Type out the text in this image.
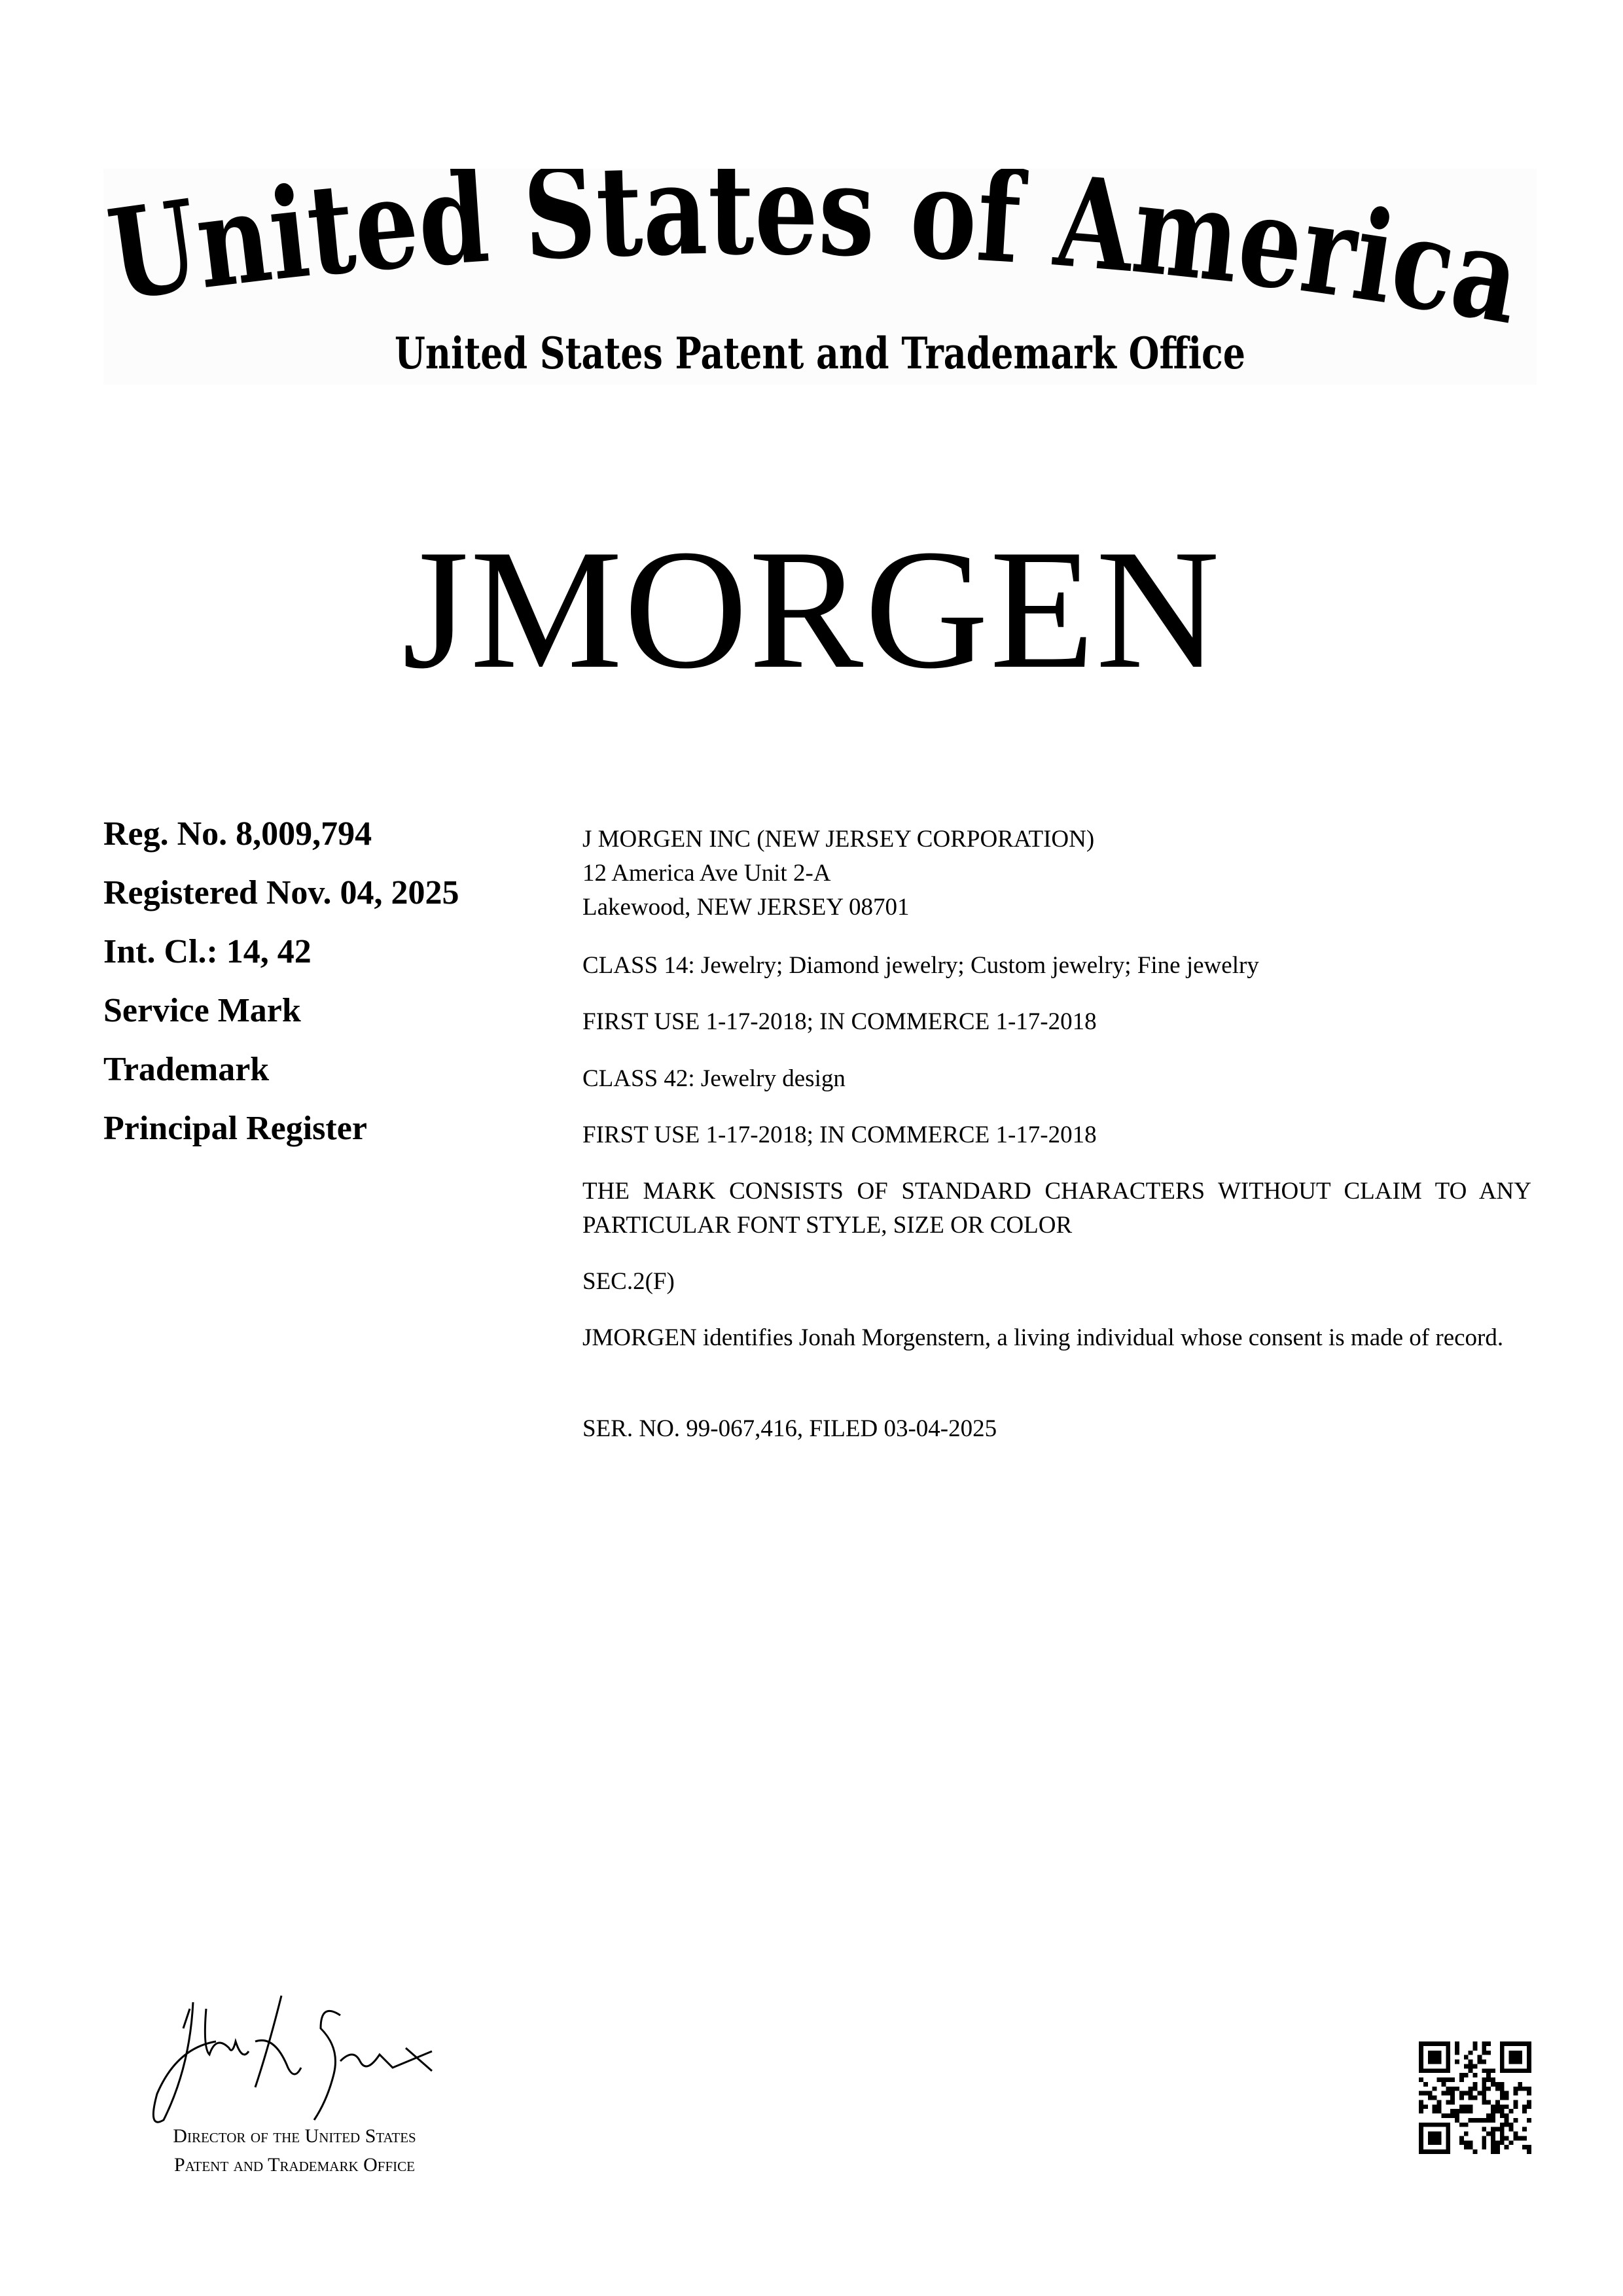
United States of America
United States Patent and Trademark Office
JMORGEN
Reg. No. 8,009,794
Registered Nov. 04, 2025
Int. Cl.: 14, 42
Service Mark
Trademark
Principal Register
J MORGEN INC (NEW JERSEY CORPORATION)
12 America Ave Unit 2-A
Lakewood, NEW JERSEY 08701
CLASS 14: Jewelry; Diamond jewelry; Custom jewelry; Fine jewelry
FIRST USE 1-17-2018; IN COMMERCE 1-17-2018
CLASS 42: Jewelry design
FIRST USE 1-17-2018; IN COMMERCE 1-17-2018
THE MARK CONSISTS OF STANDARD CHARACTERS WITHOUT CLAIM TO ANY PARTICULAR FONT STYLE, SIZE OR COLOR
SEC.2(F)
JMORGEN identifies Jonah Morgenstern, a living individual whose consent is made of record.
SER. NO. 99-067,416, FILED 03-04-2025
Director of the United States
Patent and Trademark Office
